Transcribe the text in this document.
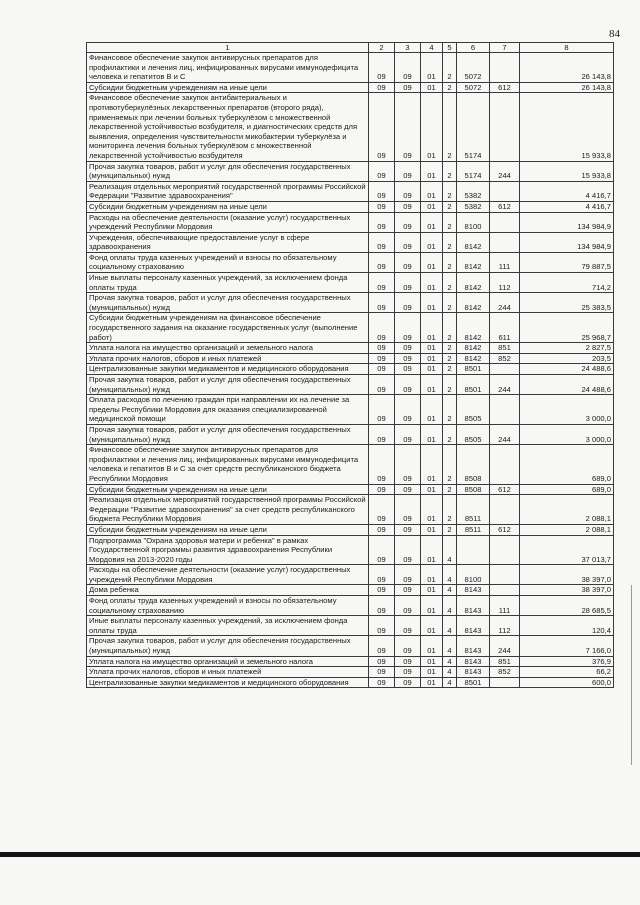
84
1	2	3	4	5	6	7	8
Финансовое обеспечение закупок антивирусных препаратов для профилактики и лечения лиц, инфицированных вирусами иммунодефицита человека и гепатитов В и С	09	09	01	2	5072		26 143,8
Субсидии бюджетным учреждениям на иные цели	09	09	01	2	5072	612	26 143,8
Финансовое обеспечение закупок антибактериальных и противотуберкулёзных лекарственных препаратов (второго ряда), применяемых при лечении больных туберкулёзом с множественной лекарственной устойчивостью возбудителя, и диагностических средств для выявления, определения чувствительности микобактерии туберкулёза и мониторинга лечения больных туберкулёзом с множественной лекарственной устойчивостью возбудителя	09	09	01	2	5174		15 933,8
Прочая закупка товаров, работ и услуг для обеспечения государственных (муниципальных) нужд	09	09	01	2	5174	244	15 933,8
Реализация отдельных мероприятий государственной программы Российской Федерации "Развитие здравоохранения"	09	09	01	2	5382		4 416,7
Субсидии бюджетным учреждениям на иные цели	09	09	01	2	5382	612	4 416,7
Расходы на обеспечение деятельности (оказание услуг) государственных учреждений Республики Мордовия	09	09	01	2	8100		134 984,9
Учреждения, обеспечивающие предоставление услуг в сфере здравоохранения	09	09	01	2	8142		134 984,9
Фонд оплаты труда казенных учреждений и взносы по обязательному социальному страхованию	09	09	01	2	8142	111	79 887,5
Иные выплаты персоналу казенных учреждений, за исключением фонда оплаты труда	09	09	01	2	8142	112	714,2
Прочая закупка товаров, работ и услуг для обеспечения государственных (муниципальных) нужд	09	09	01	2	8142	244	25 383,5
Субсидии бюджетным учреждениям на финансовое обеспечение государственного задания на оказание государственных услуг (выполнение работ)	09	09	01	2	8142	611	25 968,7
Уплата налога на имущество организаций и земельного налога	09	09	01	2	8142	851	2 827,5
Уплата прочих налогов, сборов и иных платежей	09	09	01	2	8142	852	203,5
Централизованные закупки медикаментов и медицинского оборудования	09	09	01	2	8501		24 488,6
Прочая закупка товаров, работ и услуг для обеспечения государственных (муниципальных) нужд	09	09	01	2	8501	244	24 488,6
Оплата расходов по лечению граждан при направлении их на лечение за пределы Республики Мордовия для оказания специализированной медицинской помощи	09	09	01	2	8505		3 000,0
Прочая закупка товаров, работ и услуг для обеспечения государственных (муниципальных) нужд	09	09	01	2	8505	244	3 000,0
Финансовое обеспечение закупок антивирусных препаратов для профилактики и лечения лиц, инфицированных вирусами иммунодефицита человека и гепатитов В и С за счет средств республиканского бюджета Республики Мордовия	09	09	01	2	8508		689,0
Субсидии бюджетным учреждениям на иные цели	09	09	01	2	8508	612	689,0
Реализация отдельных мероприятий государственной программы Российской Федерации "Развитие здравоохранения" за счет средств республиканского бюджета Республики Мордовия	09	09	01	2	8511		2 088,1
Субсидии бюджетным учреждениям на иные цели	09	09	01	2	8511	612	2 088,1
Подпрограмма "Охрана здоровья матери и ребенка" в рамках Государственной программы развития здравоохранения Республики Мордовия на 2013-2020 годы	09	09	01	4			37 013,7
Расходы на обеспечение деятельности (оказание услуг) государственных учреждений Республики Мордовия	09	09	01	4	8100		38 397,0
Дома ребенка	09	09	01	4	8143		38 397,0
Фонд оплаты труда казенных учреждений и взносы по обязательному социальному страхованию	09	09	01	4	8143	111	28 685,5
Иные выплаты персоналу казенных учреждений, за исключением фонда оплаты труда	09	09	01	4	8143	112	120,4
Прочая закупка товаров, работ и услуг для обеспечения государственных (муниципальных) нужд	09	09	01	4	8143	244	7 166,0
Уплата налога на имущество организаций и земельного налога	09	09	01	4	8143	851	376,9
Уплата прочих налогов, сборов и иных платежей	09	09	01	4	8143	852	66,2
Централизованные закупки медикаментов и медицинского оборудования	09	09	01	4	8501		600,0
